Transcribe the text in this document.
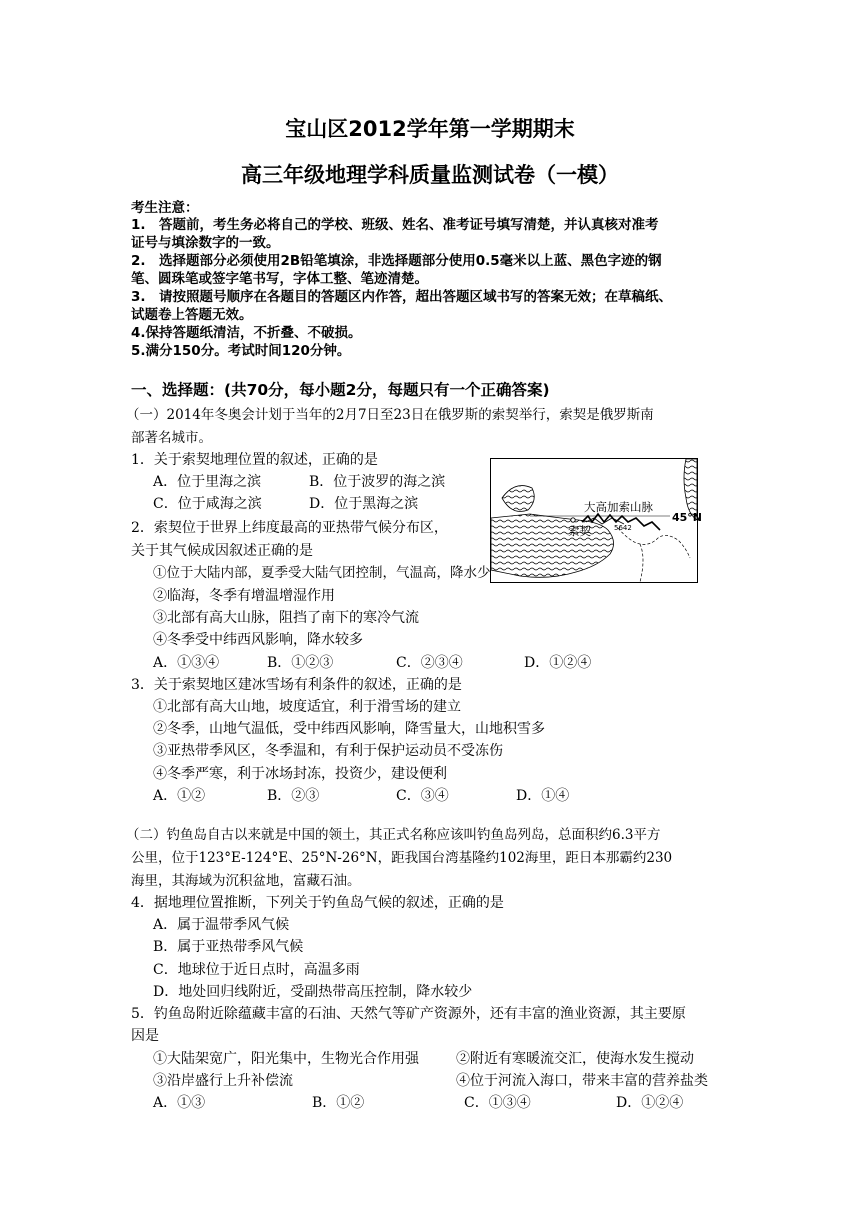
宝山区2012学年第一学期期末
高三年级地理学科质量监测试卷（一模）
考生注意：
1.　答题前，考生务必将自己的学校、班级、姓名、准考证号填写清楚，并认真核对准考
证号与填涂数字的一致。
2.　选择题部分必须使用2B铅笔填涂，非选择题部分使用0.5毫米以上蓝、黑色字迹的钢
笔、圆珠笔或签字笔书写，字体工整、笔迹清楚。
3.　请按照题号顺序在各题目的答题区内作答，超出答题区域书写的答案无效；在草稿纸、
试题卷上答题无效。
4.保持答题纸清洁，不折叠、不破损。
5.满分150分。考试时间120分钟。
一、选择题：(共70分，每小题2分，每题只有一个正确答案)
（一）2014年冬奥会计划于当年的2月7日至23日在俄罗斯的索契举行，索契是俄罗斯南
部著名城市。
1．关于索契地理位置的叙述，正确的是
A．位于里海之滨	B．位于波罗的海之滨
C．位于咸海之滨	D．位于黑海之滨	大高加索山脉
5642
索契
45°N
2．索契位于世界上纬度最高的亚热带气候分布区，
关于其气候成因叙述正确的是
①位于大陆内部，夏季受大陆气团控制，气温高，降水少
②临海，冬季有增温增湿作用
③北部有高大山脉，阻挡了南下的寒冷气流
④冬季受中纬西风影响，降水较多
A．①③④	B．①②③	C．②③④	D．①②④
3．关于索契地区建冰雪场有利条件的叙述，正确的是
①北部有高大山地，坡度适宜，利于滑雪场的建立
②冬季，山地气温低，受中纬西风影响，降雪量大，山地积雪多
③亚热带季风区，冬季温和，有利于保护运动员不受冻伤
④冬季严寒，利于冰场封冻，投资少，建设便利
A．①②	B．②③	C．③④	D．①④
（二）钓鱼岛自古以来就是中国的领土，其正式名称应该叫钓鱼岛列岛，总面积约6.3平方
公里，位于123°E-124°E、25°N-26°N，距我国台湾基隆约102海里，距日本那霸约230
海里，其海域为沉积盆地，富藏石油。
4．据地理位置推断，下列关于钓鱼岛气候的叙述，正确的是
A．属于温带季风气候
B．属于亚热带季风气候
C．地球位于近日点时，高温多雨
D．地处回归线附近，受副热带高压控制，降水较少
5．钓鱼岛附近除蕴藏丰富的石油、天然气等矿产资源外，还有丰富的渔业资源，其主要原
因是
①大陆架宽广，阳光集中，生物光合作用强	②附近有寒暖流交汇，使海水发生搅动
③沿岸盛行上升补偿流	④位于河流入海口，带来丰富的营养盐类
A．①③	B．①②	C．①③④	D．①②④
